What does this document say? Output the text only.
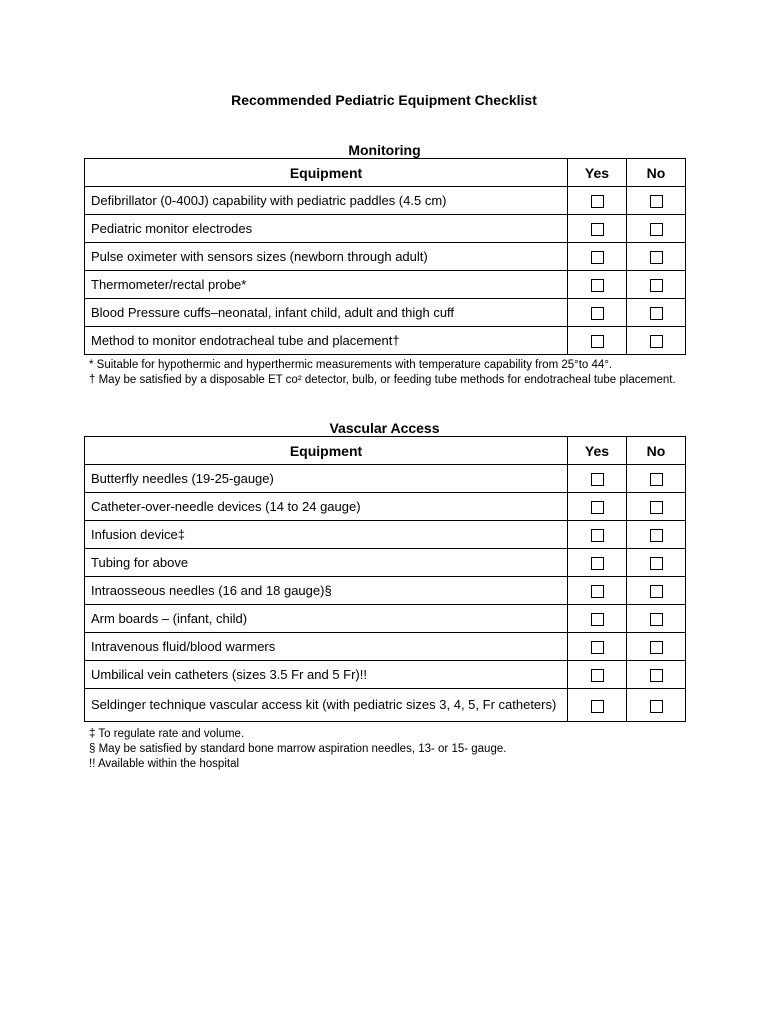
Recommended Pediatric Equipment Checklist
Monitoring
Equipment	Yes	No
Defibrillator (0-400J) capability with pediatric paddles (4.5 cm)		
Pediatric monitor electrodes		
Pulse oximeter with sensors sizes (newborn through adult)		
Thermometer/rectal probe*		
Blood Pressure cuffs–neonatal, infant child, adult and thigh cuff		
Method to monitor endotracheal tube and placement†		
* Suitable for hypothermic and hyperthermic measurements with temperature capability from 25°to 44°.
† May be satisfied by a disposable ET co² detector, bulb, or feeding tube methods for endotracheal tube placement.
Vascular Access
Equipment	Yes	No
Butterfly needles (19-25-gauge)		
Catheter-over-needle devices (14 to 24 gauge)		
Infusion device‡		
Tubing for above		
Intraosseous needles (16 and 18 gauge)§		
Arm boards – (infant, child)		
Intravenous fluid/blood warmers		
Umbilical vein catheters (sizes 3.5 Fr and 5 Fr)!!		
Seldinger technique vascular access kit (with pediatric sizes 3, 4, 5, Fr catheters)		
‡ To regulate rate and volume.
§ May be satisfied by standard bone marrow aspiration needles, 13- or 15- gauge.
!! Available within the hospital
